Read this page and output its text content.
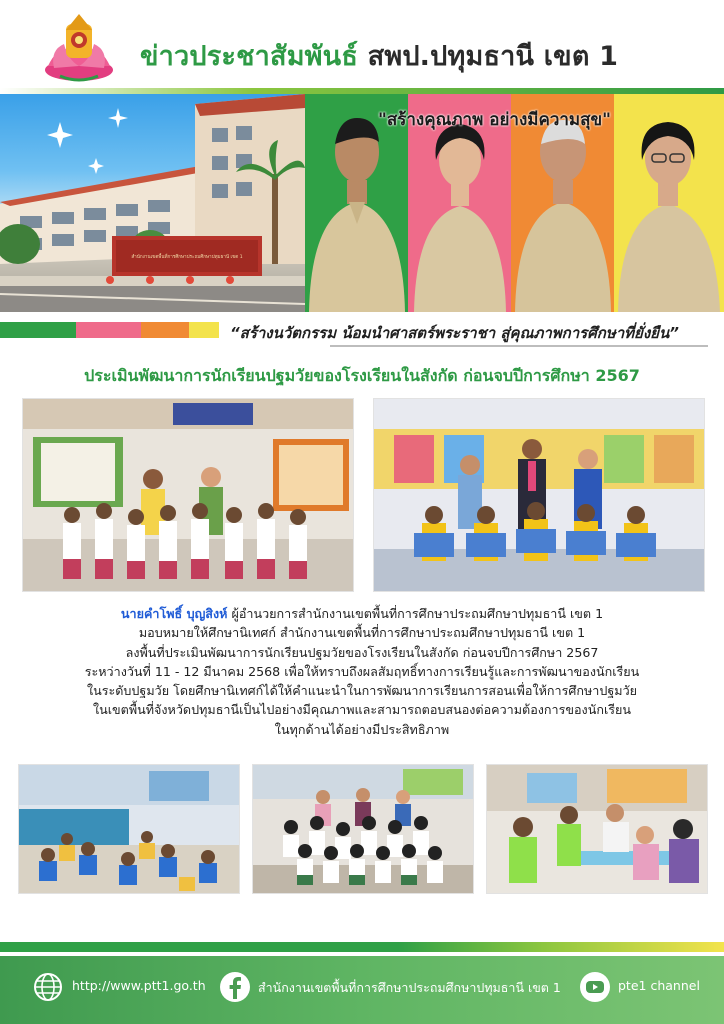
ข่าวประชาสัมพันธ์ สพป.ปทุมธานี เขต 1
สำนักงานเขตพื้นที่การศึกษาประถมศึกษาปทุมธานี เขต 1
"สร้างคุณภาพ อย่างมีความสุข"
“สร้างนวัตกรรม น้อมนำศาสตร์พระราชา สู่คุณภาพการศึกษาที่ยั่งยืน”
ประเมินพัฒนาการนักเรียนปฐมวัยของโรงเรียนในสังกัด ก่อนจบปีการศึกษา 2567
นายคำโพธิ์ บุญสิงห์ ผู้อำนวยการสำนักงานเขตพื้นที่การศึกษาประถมศึกษาปทุมธานี เขต 1
มอบหมายให้ศึกษานิเทศก์ สำนักงานเขตพื้นที่การศึกษาประถมศึกษาปทุมธานี เขต 1
ลงพื้นที่ประเมินพัฒนาการนักเรียนปฐมวัยของโรงเรียนในสังกัด ก่อนจบปีการศึกษา 2567
ระหว่างวันที่ 11 - 12 มีนาคม 2568 เพื่อให้ทราบถึงผลสัมฤทธิ์ทางการเรียนรู้และการพัฒนาของนักเรียน
ในระดับปฐมวัย โดยศึกษานิเทศก์ได้ให้คำแนะนำในการพัฒนาการเรียนการสอนเพื่อให้การศึกษาปฐมวัย
ในเขตพื้นที่จังหวัดปทุมธานีเป็นไปอย่างมีคุณภาพและสามารถตอบสนองต่อความต้องการของนักเรียน
ในทุกด้านได้อย่างมีประสิทธิภาพ
http://www.ptt1.go.th	สำนักงานเขตพื้นที่การศึกษาประถมศึกษาปทุมธานี เขต 1	pte1 channel
